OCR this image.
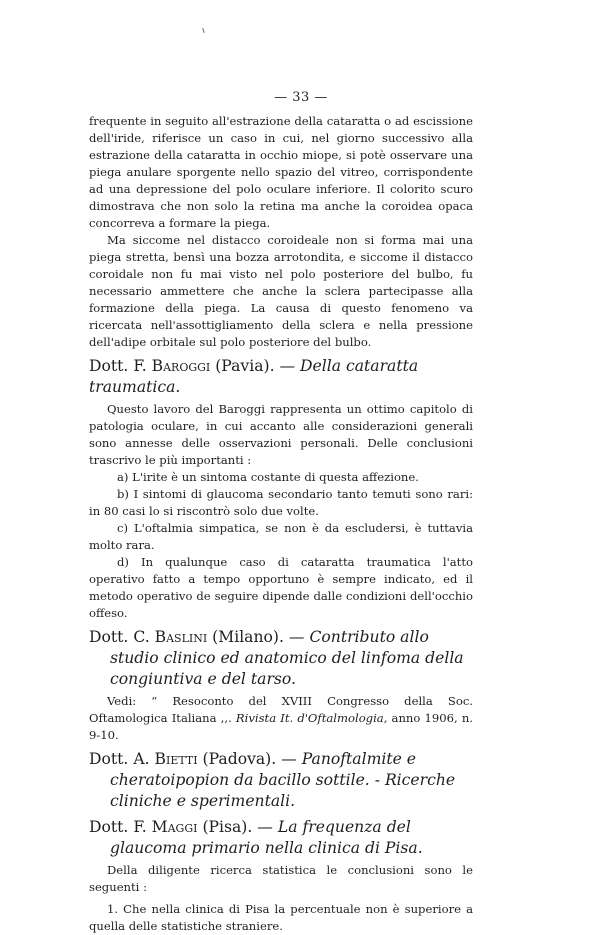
— 33 —

frequente in seguito all'estrazione della cataratta o ad escissione dell'iride, riferisce un caso in cui, nel giorno successivo alla estrazione della cataratta in occhio miope, si potè osservare una piega anulare sporgente nello spazio del vitreo, corrispondente ad una depressione del polo oculare inferiore. Il colorito scuro dimostrava che non solo la retina ma anche la coroidea opaca concorreva a formare la piega.

Ma siccome nel distacco coroideale non si forma mai una piega stretta, bensì una bozza arrotondita, e siccome il distacco coroidale non fu mai visto nel polo posteriore del bulbo, fu necessario ammettere che anche la sclera partecipasse alla formazione della piega. La causa di questo fenomeno va ricercata nell'assottigliamento della sclera e nella pressione dell'adipe orbitale sul polo posteriore del bulbo.

Dott. F. Baroggi (Pavia). — Della cataratta traumatica.

Questo lavoro del Baroggi rappresenta un ottimo capitolo di patologia oculare, in cui accanto alle considerazioni generali sono annesse delle osservazioni personali. Delle conclusioni trascrivo le più importanti :

a) L'irite è un sintoma costante di questa affezione.

b) I sintomi di glaucoma secondario tanto temuti sono rari: in 80 casi lo si riscontrò solo due volte.

c) L'oftalmia simpatica, se non è da escludersi, è tuttavia molto rara.

d) In qualunque caso di cataratta traumatica l'atto operativo fatto a tempo opportuno è sempre indicato, ed il metodo operativo de seguire dipende dalle condizioni dell'occhio offeso.

Dott. C. Baslini (Milano). — Contributo allo studio clinico ed anatomico del linfoma della congiuntiva e del tarso.

Vedi: “ Resoconto del XVIII Congresso della Soc. Oftamologica Italiana ,,. Rivista It. d'Oftalmologia, anno 1906, n. 9-10.

Dott. A. Bietti (Padova). — Panoftalmite e cheratoipopion da bacillo sottile. - Ricerche cliniche e sperimentali.
Dott. F. Maggi (Pisa). — La frequenza del glaucoma primario nella clinica di Pisa.

Della diligente ricerca statistica le conclusioni sono le seguenti :

1. Che nella clinica di Pisa la percentuale non è superiore a quella delle statistiche straniere.
